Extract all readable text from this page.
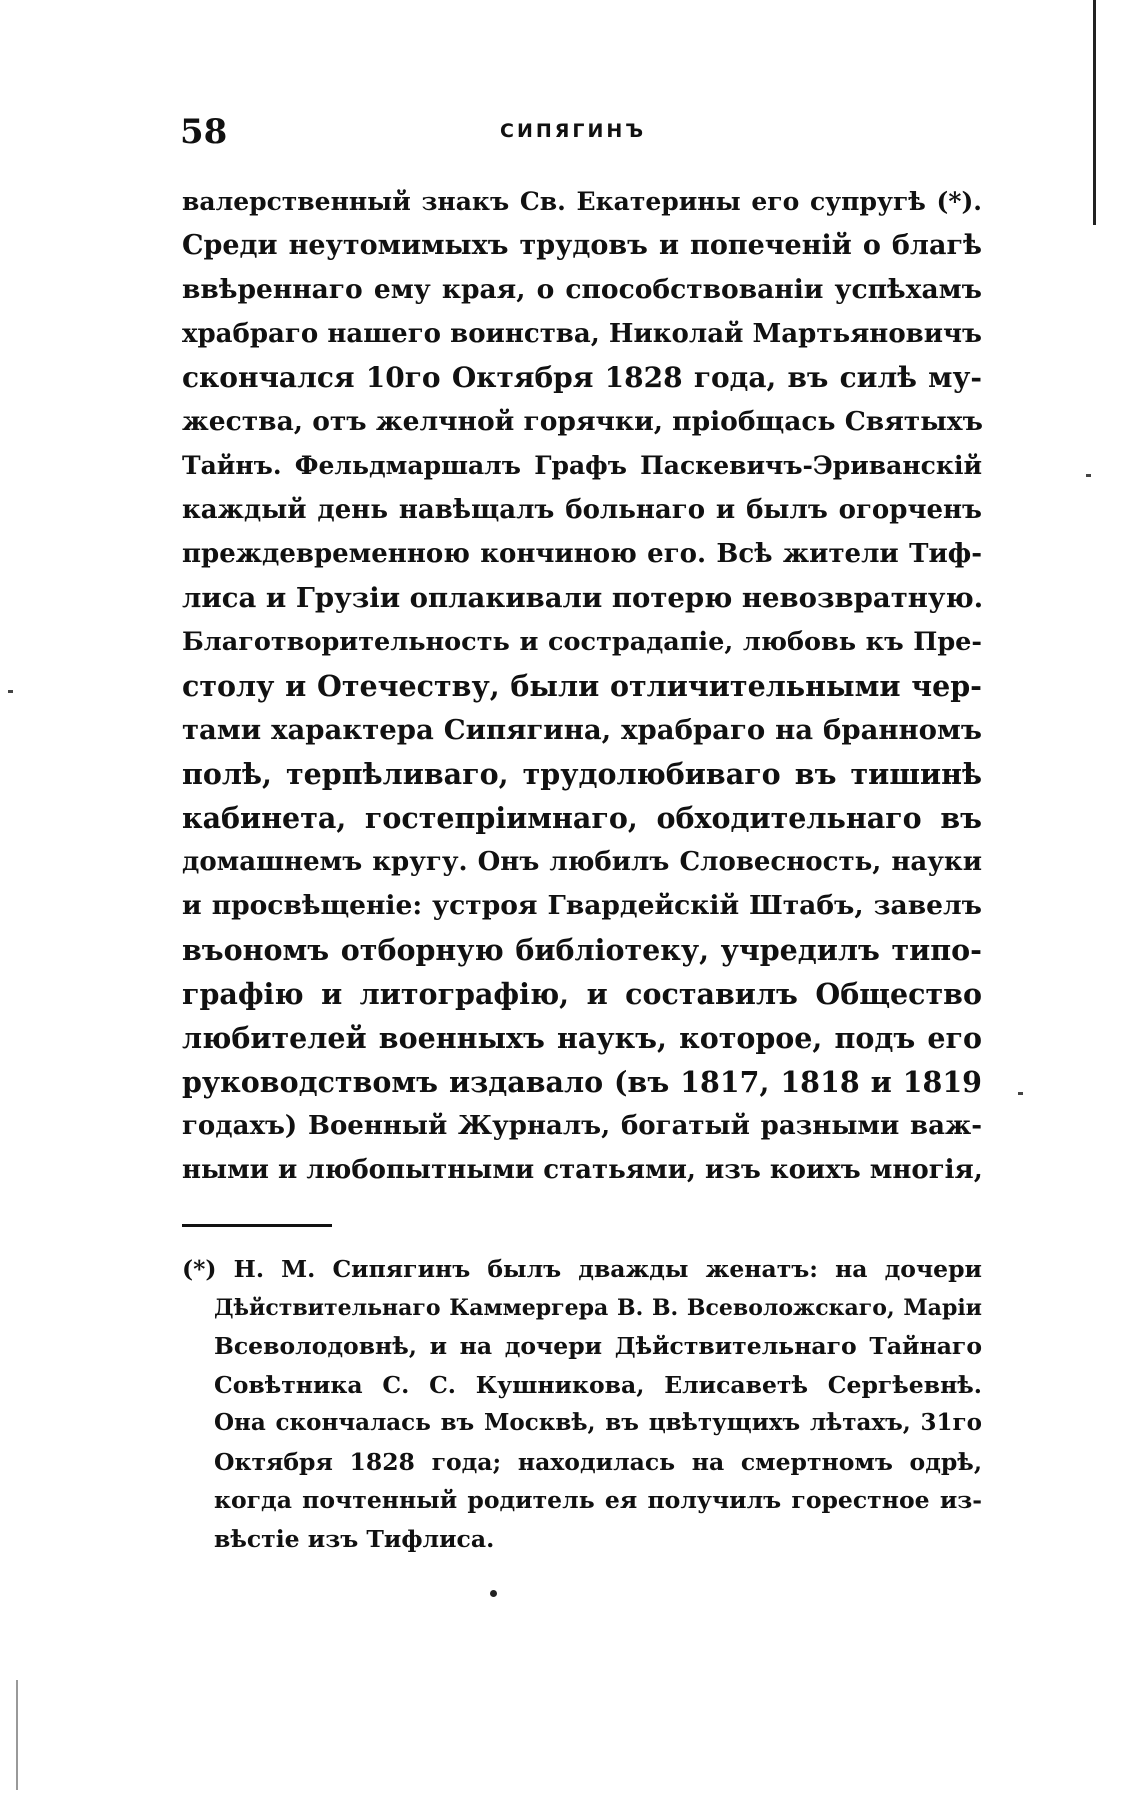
58	СИПЯГИНЪ
валерственный знакъ Св. Екатерины его супругѣ (*).
Среди неутомимыхъ трудовъ и попеченій о благѣ
ввѣреннаго ему края, о способствованіи успѣхамъ
храбраго нашего воинства, Николай Мартьяновичъ
скончался 10го Октября 1828 года, въ силѣ му-
жества, отъ желчной горячки, пріобщась Святыхъ
Тайнъ. Фельдмаршалъ Графъ Паскевичъ-Эриванскій
каждый день навѣщалъ больнаго и былъ огорченъ
преждевременною кончиною его. Всѣ жители Тиф-
лиса и Грузіи оплакивали потерю невозвратную.
Благотворительность и сострадапіе, любовь къ Пре-
столу и Отечеству, были отличительными чер-
тами характера Сипягина, храбраго на бранномъ
полѣ, терпѣливаго, трудолюбиваго въ тишинѣ
кабинета, гостепріимнаго, обходительнаго въ
домашнемъ кругу. Онъ любилъ Словесность, науки
и просвѣщеніе: устроя Гвардейскій Штабъ, завелъ
въономъ отборную библіотеку, учредилъ типо-
графію и литографію, и составилъ Общество
любителей военныхъ наукъ, которое, подъ его
руководствомъ издавало (въ 1817, 1818 и 1819
годахъ) Военный Журналъ, богатый разными важ-
ными и любопытными статьями, изъ коихъ многія,
(*) Н. М. Сипягинъ былъ дважды женатъ: на дочери
Дѣйствительнаго Каммергера В. В. Всеволожскаго, Маріи
Всеволодовнѣ, и на дочери Дѣйствительнаго Тайнаго
Совѣтника С. С. Кушникова, Елисаветѣ Сергѣевнѣ.
Она скончалась въ Москвѣ, въ цвѣтущихъ лѣтахъ, 31го
Октября 1828 года; находилась на смертномъ одрѣ,
когда почтенный родитель ея получилъ горестное из-
вѣстіе изъ Тифлиса.
